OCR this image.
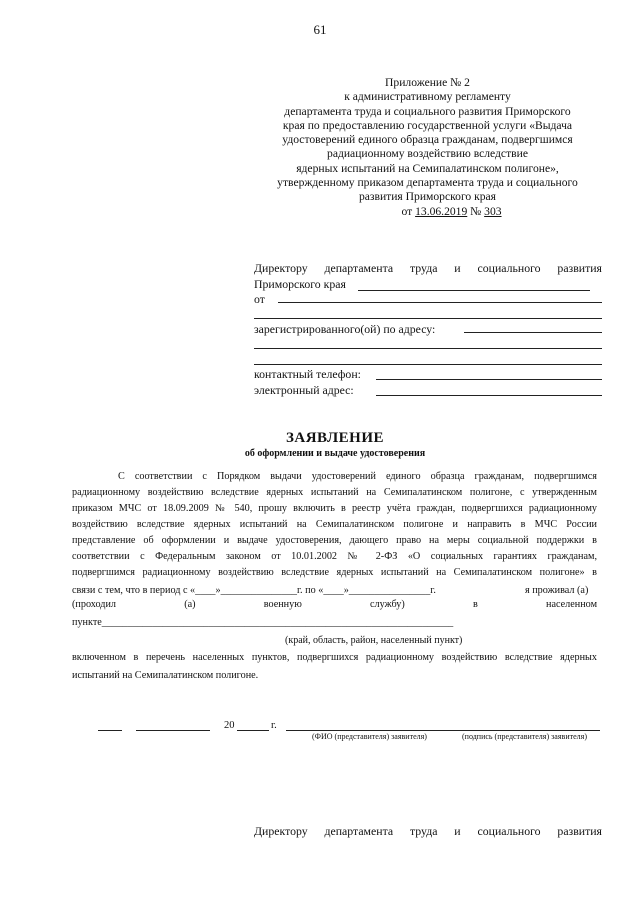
61
Приложение № 2
к административному регламенту
департамента труда и социального развития Приморского
края по предоставлению государственной услуги «Выдача
удостоверений единого образца гражданам, подвергшимся
радиационному воздействию вследствие
ядерных испытаний на Семипалатинском полигоне»,
утвержденному приказом департамента труда и социального
развития Приморского края
от 13.06.2019 № 303
Директору департамента труда и социального развития
Приморского края
от
зарегистрированного(ой) по адресу:
контактный телефон:
электронный адрес:
ЗАЯВЛЕНИЕ
об оформлении и выдаче удостоверения
С соответствии с Порядком выдачи удостоверений единого образца гражданам, подвергшимся
радиационному воздействию вследствие ядерных испытаний на Семипалатинском полигоне, с утвержденным
приказом МЧС от 18.09.2009 № 540, прошу включить в реестр учёта граждан, подвергшихся радиационному
воздействию вследствие ядерных испытаний на Семипалатинском полигоне и направить в МЧС России
представление об оформлении и выдаче удостоверения, дающего право на меры социальной поддержки в
соответствии с Федеральным законом от 10.01.2002 № 2-ФЗ «О социальных гарантиях гражданам,
подвергшимся радиационному воздействию вследствие ядерных испытаний на Семипалатинском полигоне» в
связи с тем, что в период с «____»_______________г. по «____»________________г.	я проживал (а)
(проходил	(а)	военную	службу)	в	населенном
пункте_____________________________________________________________________
(край, область, район, населенный пункт)
включенном в перечень населенных пунктов, подвергшихся радиационному воздействию вследствие ядерных
испытаний на Семипалатинском полигоне.
20	г.
(ФИО (представителя) заявителя)	(подпись (представителя) заявителя)
Директору департамента труда и социального развития
